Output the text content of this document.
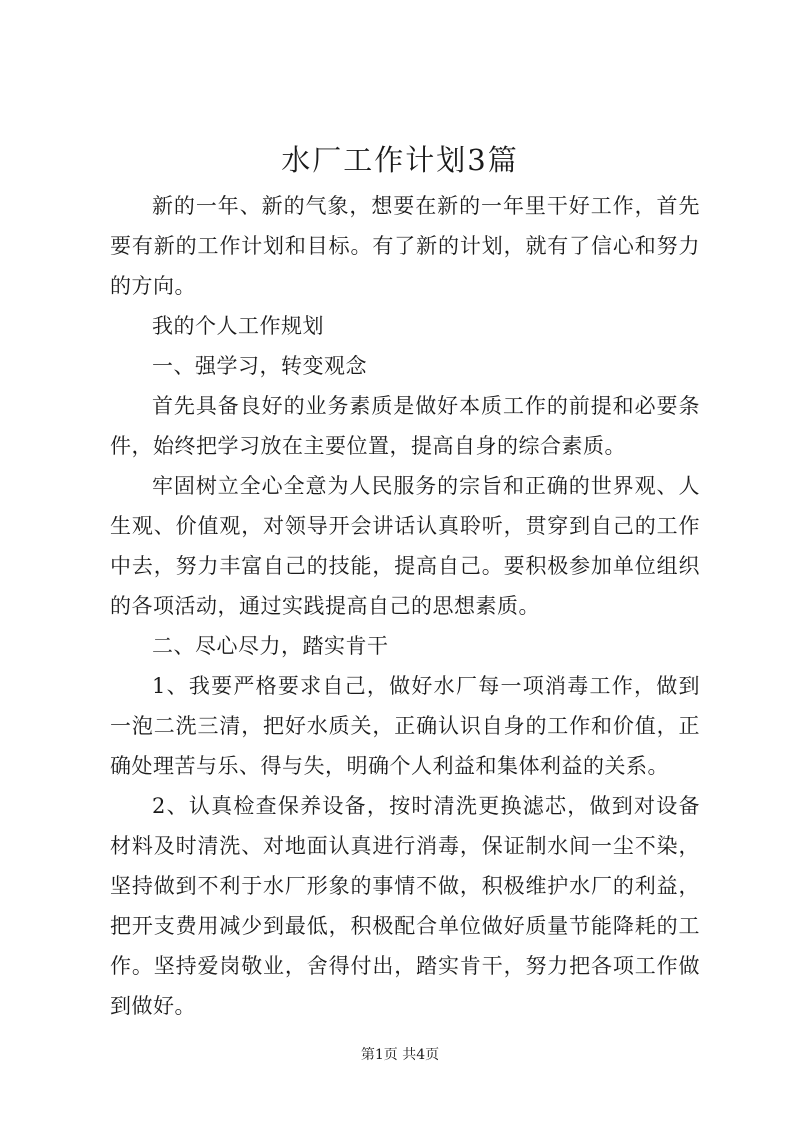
水厂工作计划3篇

新的一年、新的气象，想要在新的一年里干好工作，首先要有新的工作计划和目标。有了新的计划，就有了信心和努力的方向。

我的个人工作规划

一、强学习，转变观念

首先具备良好的业务素质是做好本质工作的前提和必要条件，始终把学习放在主要位置，提高自身的综合素质。

牢固树立全心全意为人民服务的宗旨和正确的世界观、人生观、价值观，对领导开会讲话认真聆听，贯穿到自己的工作中去，努力丰富自己的技能，提高自己。要积极参加单位组织的各项活动，通过实践提高自己的思想素质。

二、尽心尽力，踏实肯干

1、我要严格要求自己，做好水厂每一项消毒工作，做到一泡二洗三清，把好水质关，正确认识自身的工作和价值，正确处理苦与乐、得与失，明确个人利益和集体利益的关系。

2、认真检查保养设备，按时清洗更换滤芯，做到对设备材料及时清洗、对地面认真进行消毒，保证制水间一尘不染，坚持做到不利于水厂形象的事情不做，积极维护水厂的利益，把开支费用减少到最低，积极配合单位做好质量节能降耗的工作。坚持爱岗敬业，舍得付出，踏实肯干，努力把各项工作做到做好。

第1页 共4页
